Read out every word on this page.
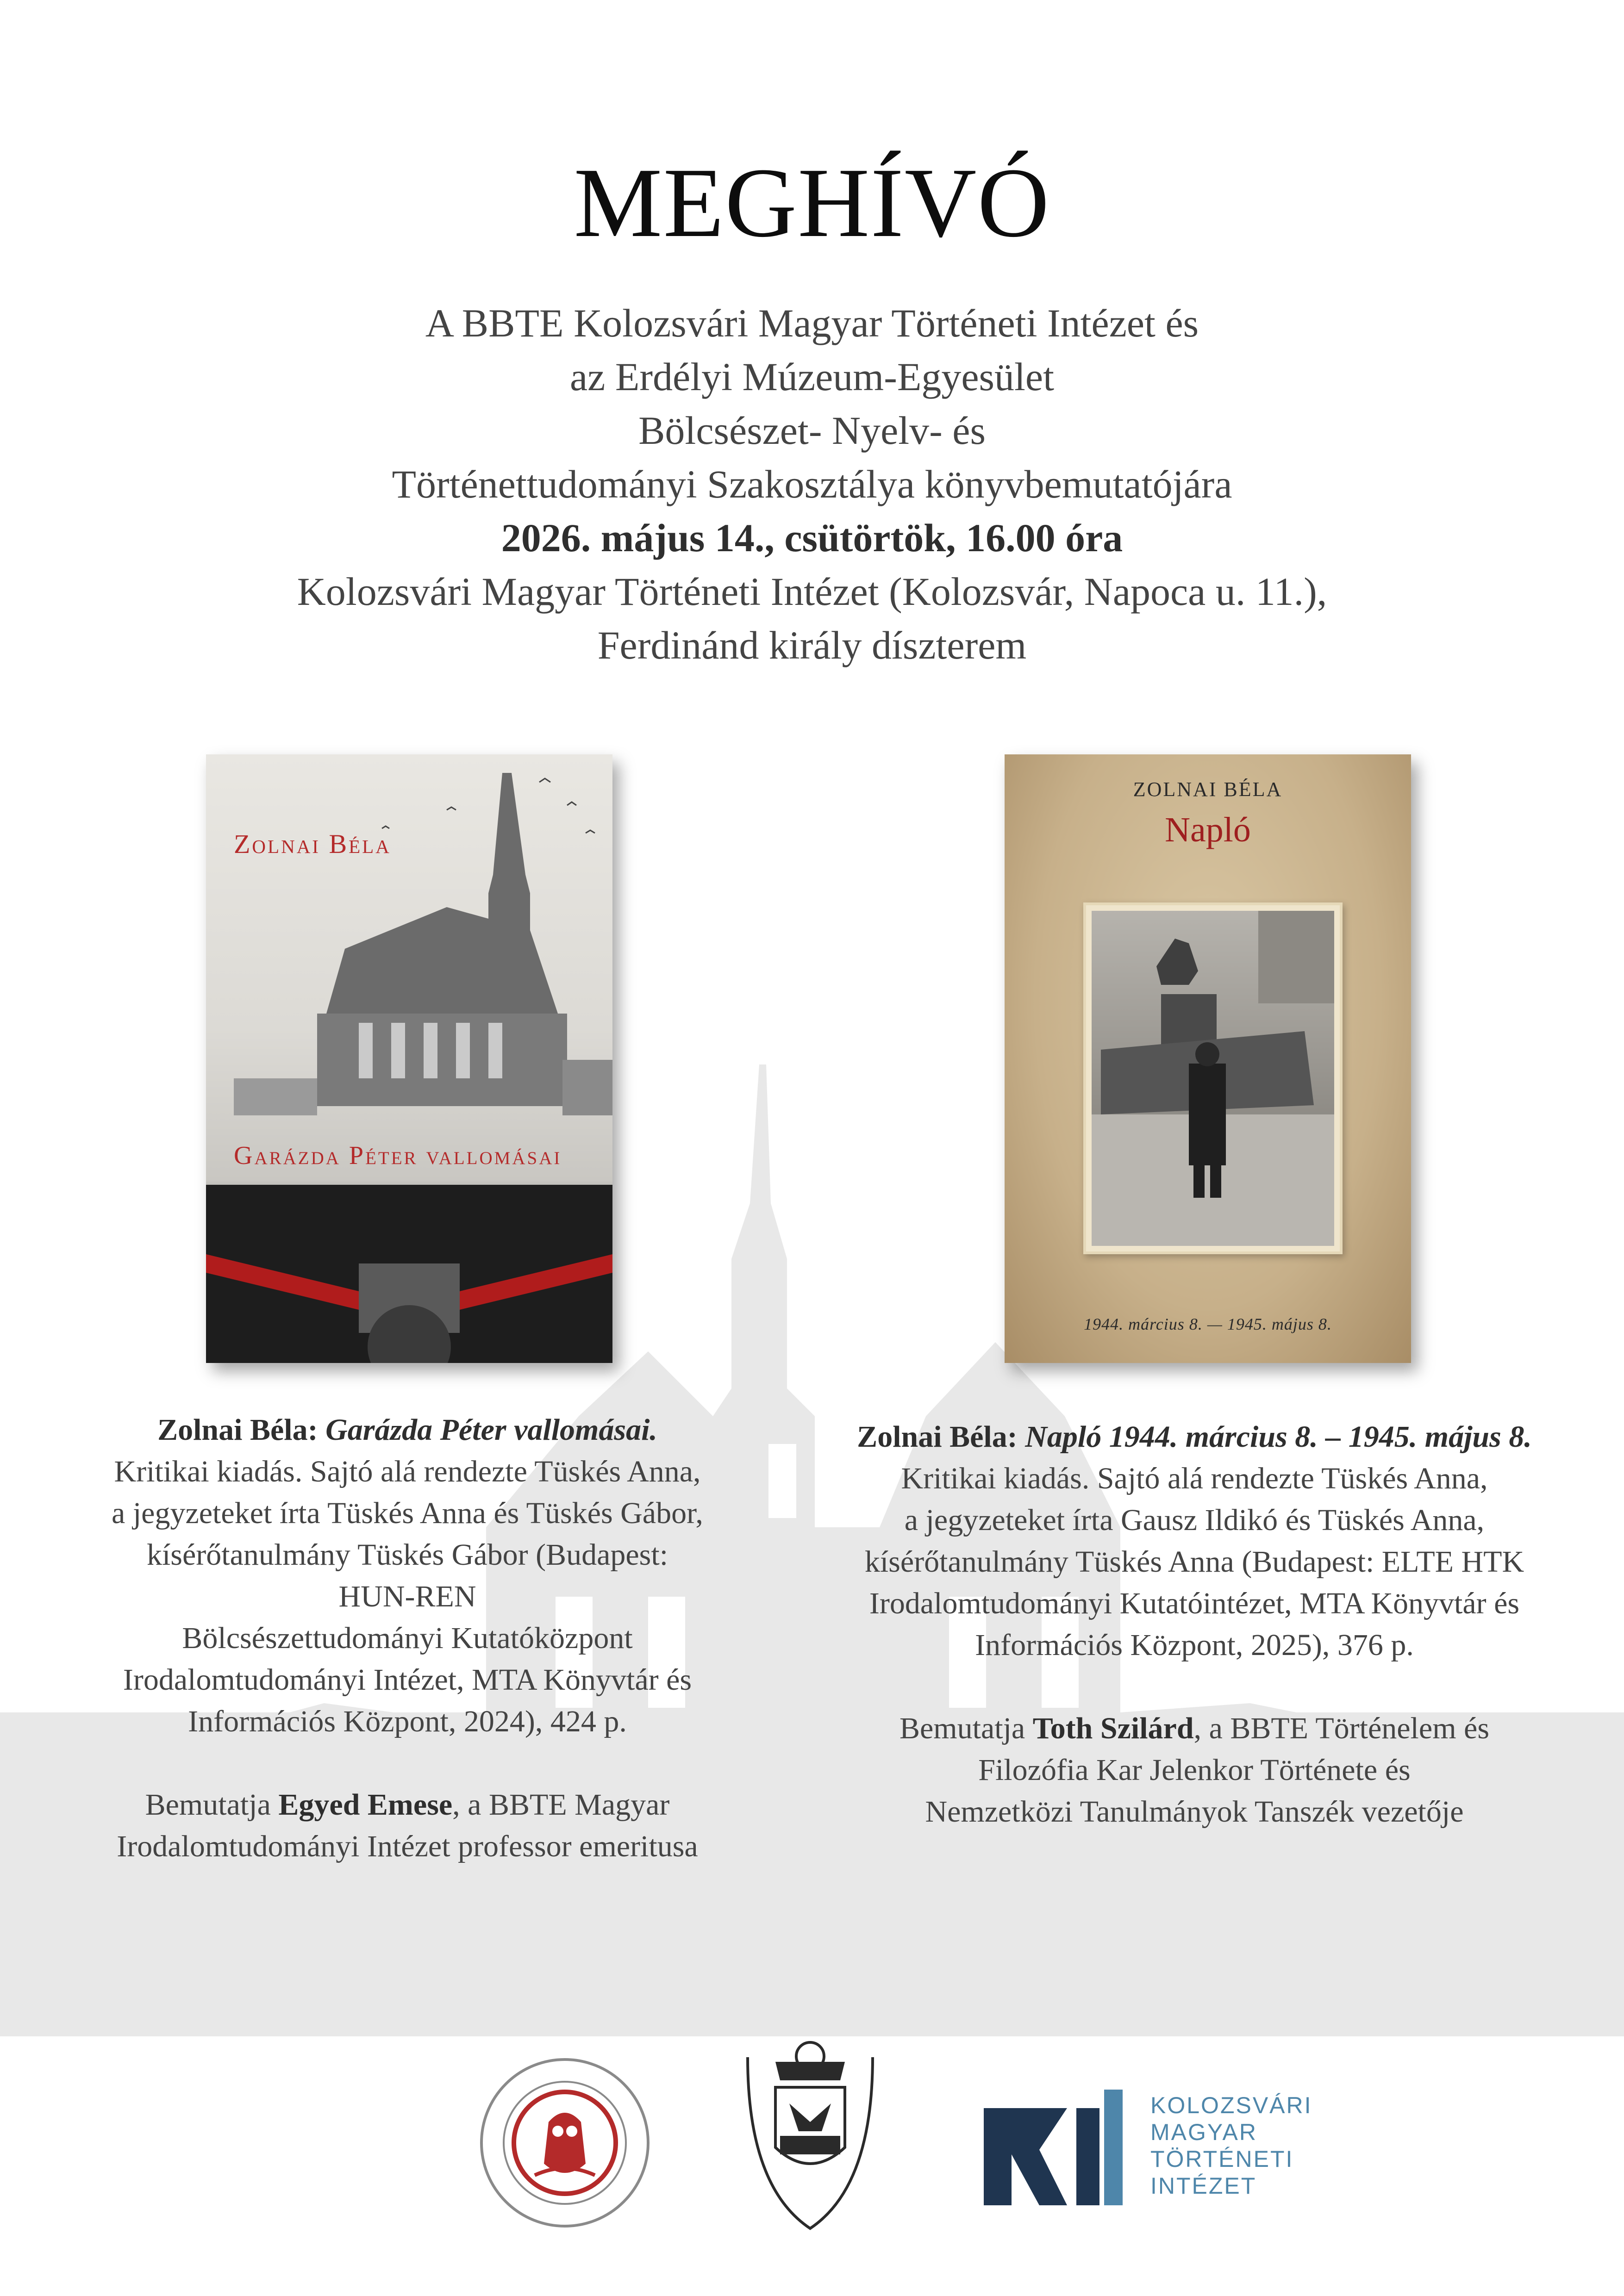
MEGHÍVÓ
A BBTE Kolozsvári Magyar Történeti Intézet és
az Erdélyi Múzeum-Egyesület
Bölcsészet- Nyelv- és
Történettudományi Szakosztálya könyvbemutatójára
2026. május 14., csütörtök, 16.00 óra
Kolozsvári Magyar Történeti Intézet (Kolozsvár, Napoca u. 11.),
Ferdinánd király díszterem
Zolnai Béla
Garázda Péter vallomásai
ZOLNAI BÉLA
Napló
1944. március 8. — 1945. május 8.
Zolnai Béla: Garázda Péter vallomásai.
Kritikai kiadás. Sajtó alá rendezte Tüskés Anna,
a jegyzeteket írta Tüskés Anna és Tüskés Gábor,
kísérőtanulmány Tüskés Gábor (Budapest:
HUN-REN
Bölcsészettudományi Kutatóközpont
Irodalomtudományi Intézet, MTA Könyvtár és
Információs Központ, 2024), 424 p.
Bemutatja Egyed Emese, a BBTE Magyar
Irodalomtudományi Intézet professor emeritusa
Zolnai Béla: Napló 1944. március 8. – 1945. május 8.
Kritikai kiadás. Sajtó alá rendezte Tüskés Anna,
a jegyzeteket írta Gausz Ildikó és Tüskés Anna,
kísérőtanulmány Tüskés Anna (Budapest: ELTE HTK
Irodalomtudományi Kutatóintézet, MTA Könyvtár és
Információs Központ, 2025), 376 p.
Bemutatja Toth Szilárd, a BBTE Történelem és
Filozófia Kar Jelenkor Története és
Nemzetközi Tanulmányok Tanszék vezetője
KOLOZSVÁRI
MAGYAR
TÖRTÉNETI
INTÉZET
